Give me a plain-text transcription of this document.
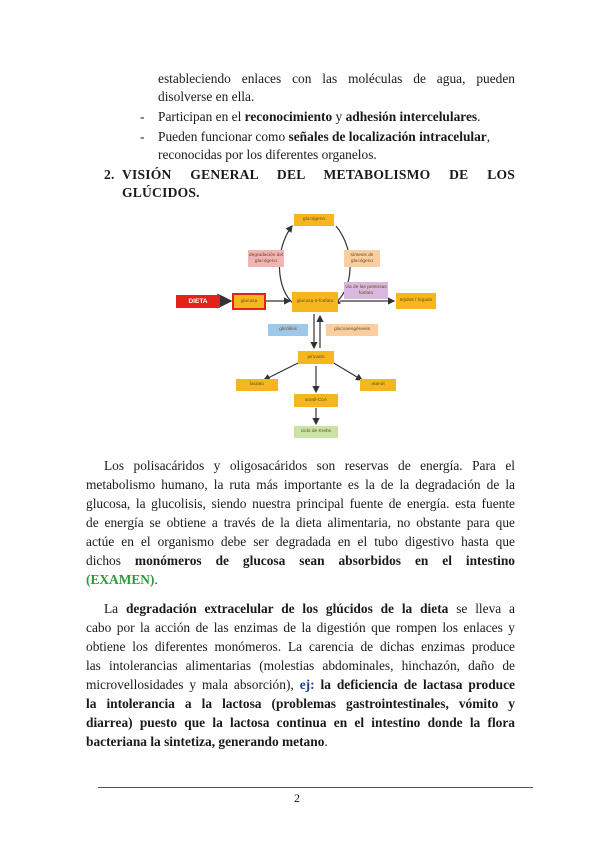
estableciendo enlaces con las moléculas de agua, pueden
disolverse en ella.
- Participan en el reconocimiento y adhesión intercelulares.
- Pueden funcionar como señales de localización intracelular,
reconocidas por los diferentes organelos.
2. VISIÓN GENERAL DEL METABOLISMO DE LOS
GLÚCIDOS.
glucógeno
degradación del glucógeno
síntesis de glucógeno
DIETA	glucosa	glucosa 6-fosfato
vía de las pentosas fosfato
tejidos / hígado
glicólisis	gluconeogénesis
piruvato
lactato	etanol
acetil-CoA
ciclo de Krebs
Los polisacáridos y oligosacáridos son reservas de energía. Para el
metabolismo humano, la ruta más importante es la de la degradación de la
glucosa, la glucolisis, siendo nuestra principal fuente de energía. esta fuente
de energía se obtiene a través de la dieta alimentaria, no obstante para que
actúe en el organismo debe ser degradada en el tubo digestivo hasta que
dichos monómeros de glucosa sean absorbidos en el intestino
(EXAMEN).
La degradación extracelular de los glúcidos de la dieta se lleva a
cabo por la acción de las enzimas de la digestión que rompen los enlaces y
obtiene los diferentes monómeros. La carencia de dichas enzimas produce
las intolerancias alimentarias (molestias abdominales, hinchazón, daño de
microvellosidades y mala absorción), ej: la deficiencia de lactasa produce
la intolerancia a la lactosa (problemas gastrointestinales, vómito y
diarrea) puesto que la lactosa continua en el intestino donde la flora
bacteriana la sintetiza, generando metano.
2
